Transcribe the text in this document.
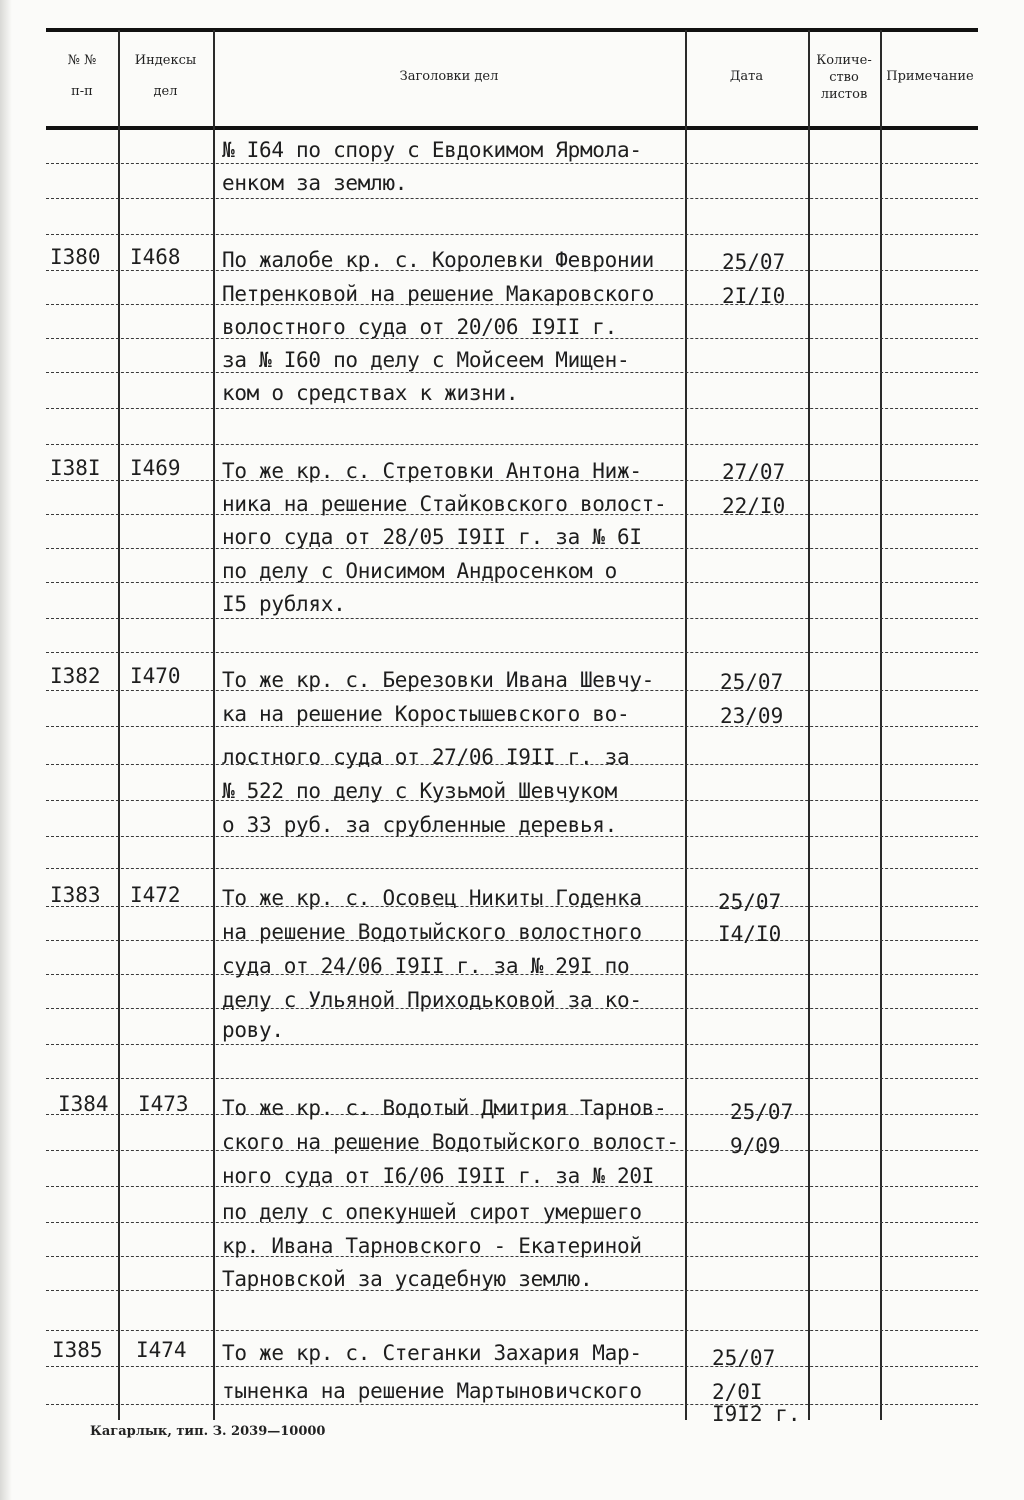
№ №
п-п
Индексы
дел
Заголовки дел	Дата
Количе-
ство
листов
Примечание
№ I64 по спору с Евдокимом Ярмола-
енком за землю.
I380 I468 По жалобе кр. с. Королевки Февронии
Петренковой на решение Макаровского
волостного суда от 20/06 I9II г.
за № I60 по делу с Мойсеем Мищен-
ком о средствах к жизни.
25/07
2I/I0
I38I I469 То же кр. с. Стретовки Антона Ниж-
ника на решение Стайковского волост-
ного суда от 28/05 I9II г. за № 6I
по делу с Онисимом Андросенком о
I5 рублях.
27/07
22/I0
I382 I470 То же кр. с. Березовки Ивана Шевчу-
ка на решение Коростышевского во-
лостного суда от 27/06 I9II г. за
№ 522 по делу с Кузьмой Шевчуком
о 33 руб. за срубленные деревья.
25/07
23/09
I383 I472 То же кр. с. Осовец Никиты Годенка
на решение Водотыйского волостного
суда от 24/06 I9II г. за № 29I по
делу с Ульяной Приходьковой за ко-
рову.
25/07
I4/I0
I384 I473 То же кр. с. Водотый Дмитрия Тарнов-
ского на решение Водотыйского волост-
ного суда от I6/06 I9II г. за № 20I
по делу с опекуншей сирот умершего
кр. Ивана Тарновского - Екатериной
Тарновской за усадебную землю.
25/07
9/09
I385 I474 То же кр. с. Стеганки Захария Мар-
тыненка на решение Мартыновичского
25/07
2/0I
I9I2 г.
Кагарлык, тип. З. 2039—10000
